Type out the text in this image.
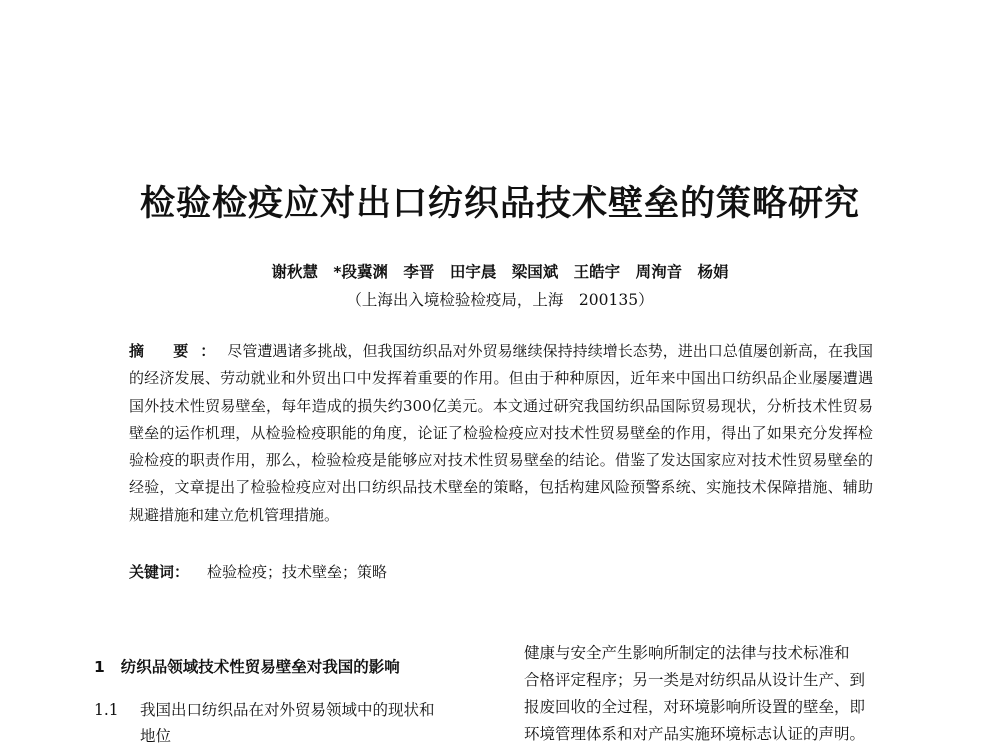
检验检疫应对出口纺织品技术壁垒的策略研究
谢秋慧 *段冀渊 李晋 田宇晨 梁国斌 王皓宇 周洵音 杨娟
（上海出入境检验检疫局，上海　200135）
摘 要：尽管遭遇诸多挑战，但我国纺织品对外贸易继续保持持续增长态势，进出口总值屡创新高，在我国的经济发展、劳动就业和外贸出口中发挥着重要的作用。但由于种种原因，近年来中国出口纺织品企业屡屡遭遇国外技术性贸易壁垒，每年造成的损失约300亿美元。本文通过研究我国纺织品国际贸易现状，分析技术性贸易壁垒的运作机理，从检验检疫职能的角度，论证了检验检疫应对技术性贸易壁垒的作用，得出了如果充分发挥检验检疫的职责作用，那么，检验检疫是能够应对技术性贸易壁垒的结论。借鉴了发达国家应对技术性贸易壁垒的经验，文章提出了检验检疫应对出口纺织品技术壁垒的策略，包括构建风险预警系统、实施技术保障措施、辅助规避措施和建立危机管理措施。
关键词： 检验检疫；技术壁垒；策略
1 纺织品领域技术性贸易壁垒对我国的影响
1.1 我国出口纺织品在对外贸易领域中的现状和
地位
健康与安全产生影响所制定的法律与技术标准和
合格评定程序；另一类是对纺织品从设计生产、到
报废回收的全过程，对环境影响所设置的壁垒，即
环境管理体系和对产品实施环境标志认证的声明。
